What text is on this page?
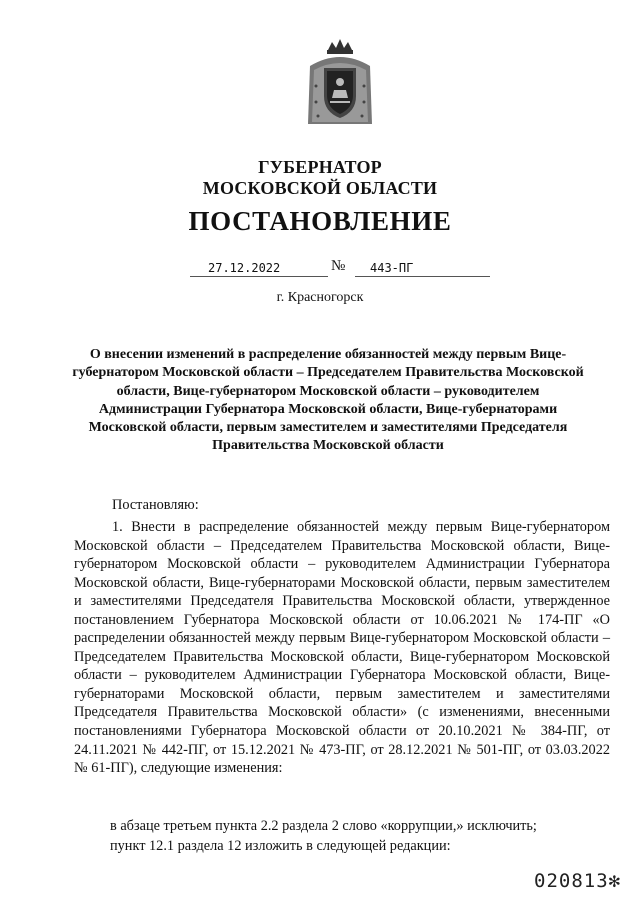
ГУБЕРНАТОР
МОСКОВСКОЙ ОБЛАСТИ
ПОСТАНОВЛЕНИЕ
27.12.2022	№ 443-ПГ
г. Красногорск
О внесении изменений в распределение обязанностей между первым Вице-губернатором Московской области – Председателем Правительства Московской области, Вице-губернатором Московской области – руководителем Администрации Губернатора Московской области, Вице-губернаторами Московской области, первым заместителем и заместителями Председателя Правительства Московской области
Постановляю:
1. Внести в распределение обязанностей между первым Вице-губернатором Московской области – Председателем Правительства Московской области, Вице-губернатором Московской области – руководителем Администрации Губернатора Московской области, Вице-губернаторами Московской области, первым заместителем и заместителями Председателя Правительства Московской области, утвержденное постановлением Губернатора Московской области от 10.06.2021 № 174-ПГ «О распределении обязанностей между первым Вице-губернатором Московской области – Председателем Правительства Московской области, Вице-губернатором Московской области – руководителем Администрации Губернатора Московской области, Вице-губернаторами Московской области, первым заместителем и заместителями Председателя Правительства Московской области» (с изменениями, внесенными постановлениями Губернатора Московской области от 20.10.2021 № 384-ПГ, от 24.11.2021 № 442-ПГ, от 15.12.2021 № 473-ПГ, от 28.12.2021 № 501-ПГ, от 03.03.2022 № 61-ПГ), следующие изменения:
в абзаце третьем пункта 2.2 раздела 2 слово «коррупции,» исключить;
пункт 12.1 раздела 12 изложить в следующей редакции:
020813✻
